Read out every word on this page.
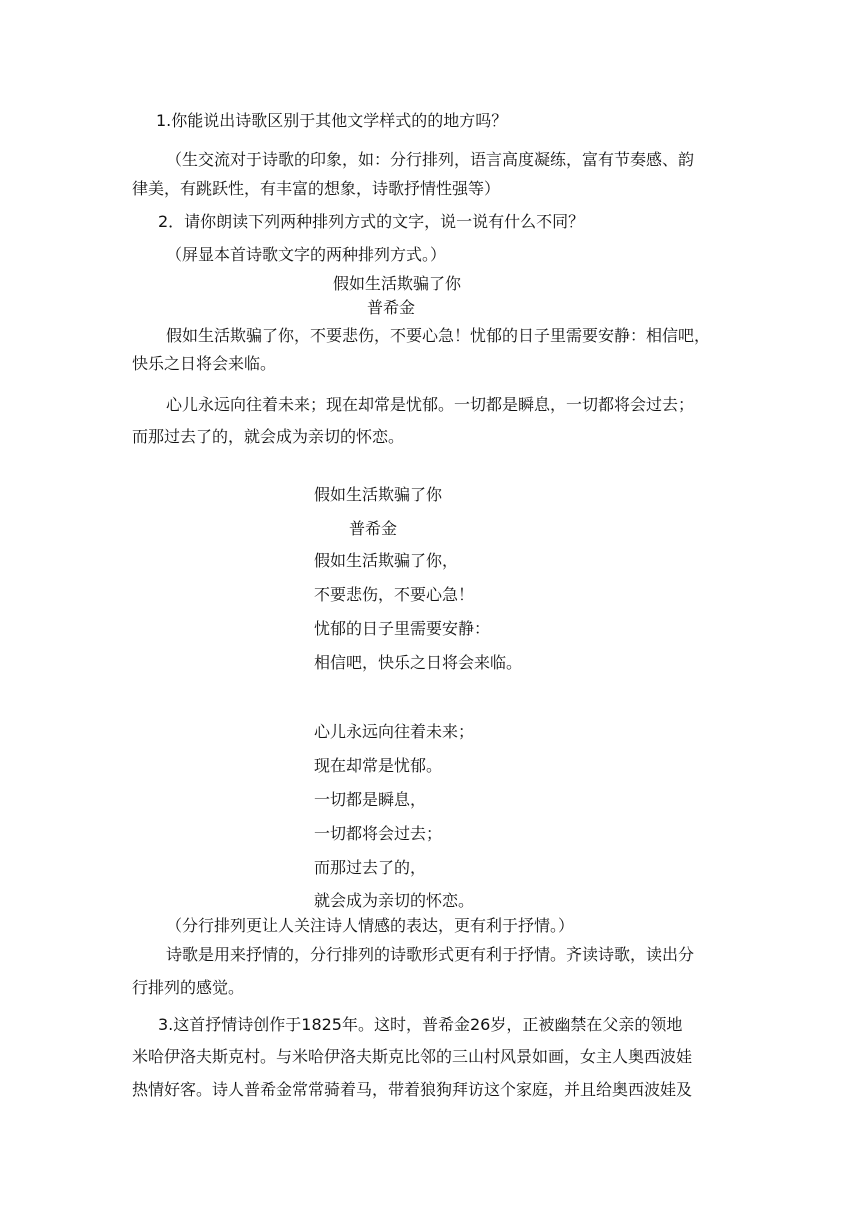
1.你能说出诗歌区别于其他文学样式的的地方吗？
（生交流对于诗歌的印象，如：分行排列，语言高度凝练，富有节奏感、韵
律美，有跳跃性，有丰富的想象，诗歌抒情性强等）
2．请你朗读下列两种排列方式的文字，说一说有什么不同？
（屏显本首诗歌文字的两种排列方式。）
假如生活欺骗了你
普希金
假如生活欺骗了你，不要悲伤，不要心急！忧郁的日子里需要安静：相信吧，
快乐之日将会来临。
心儿永远向往着未来；现在却常是忧郁。一切都是瞬息，一切都将会过去；
而那过去了的，就会成为亲切的怀恋。
假如生活欺骗了你
普希金
假如生活欺骗了你，
不要悲伤，不要心急！
忧郁的日子里需要安静：
相信吧，快乐之日将会来临。
心儿永远向往着未来；
现在却常是忧郁。
一切都是瞬息，
一切都将会过去；
而那过去了的，
就会成为亲切的怀恋。
（分行排列更让人关注诗人情感的表达，更有利于抒情。）
诗歌是用来抒情的，分行排列的诗歌形式更有利于抒情。齐读诗歌，读出分
行排列的感觉。
3.这首抒情诗创作于1825年。这时，普希金26岁，正被幽禁在父亲的领地
米哈伊洛夫斯克村。与米哈伊洛夫斯克比邻的三山村风景如画，女主人奥西波娃
热情好客。诗人普希金常常骑着马，带着狼狗拜访这个家庭，并且给奥西波娃及
